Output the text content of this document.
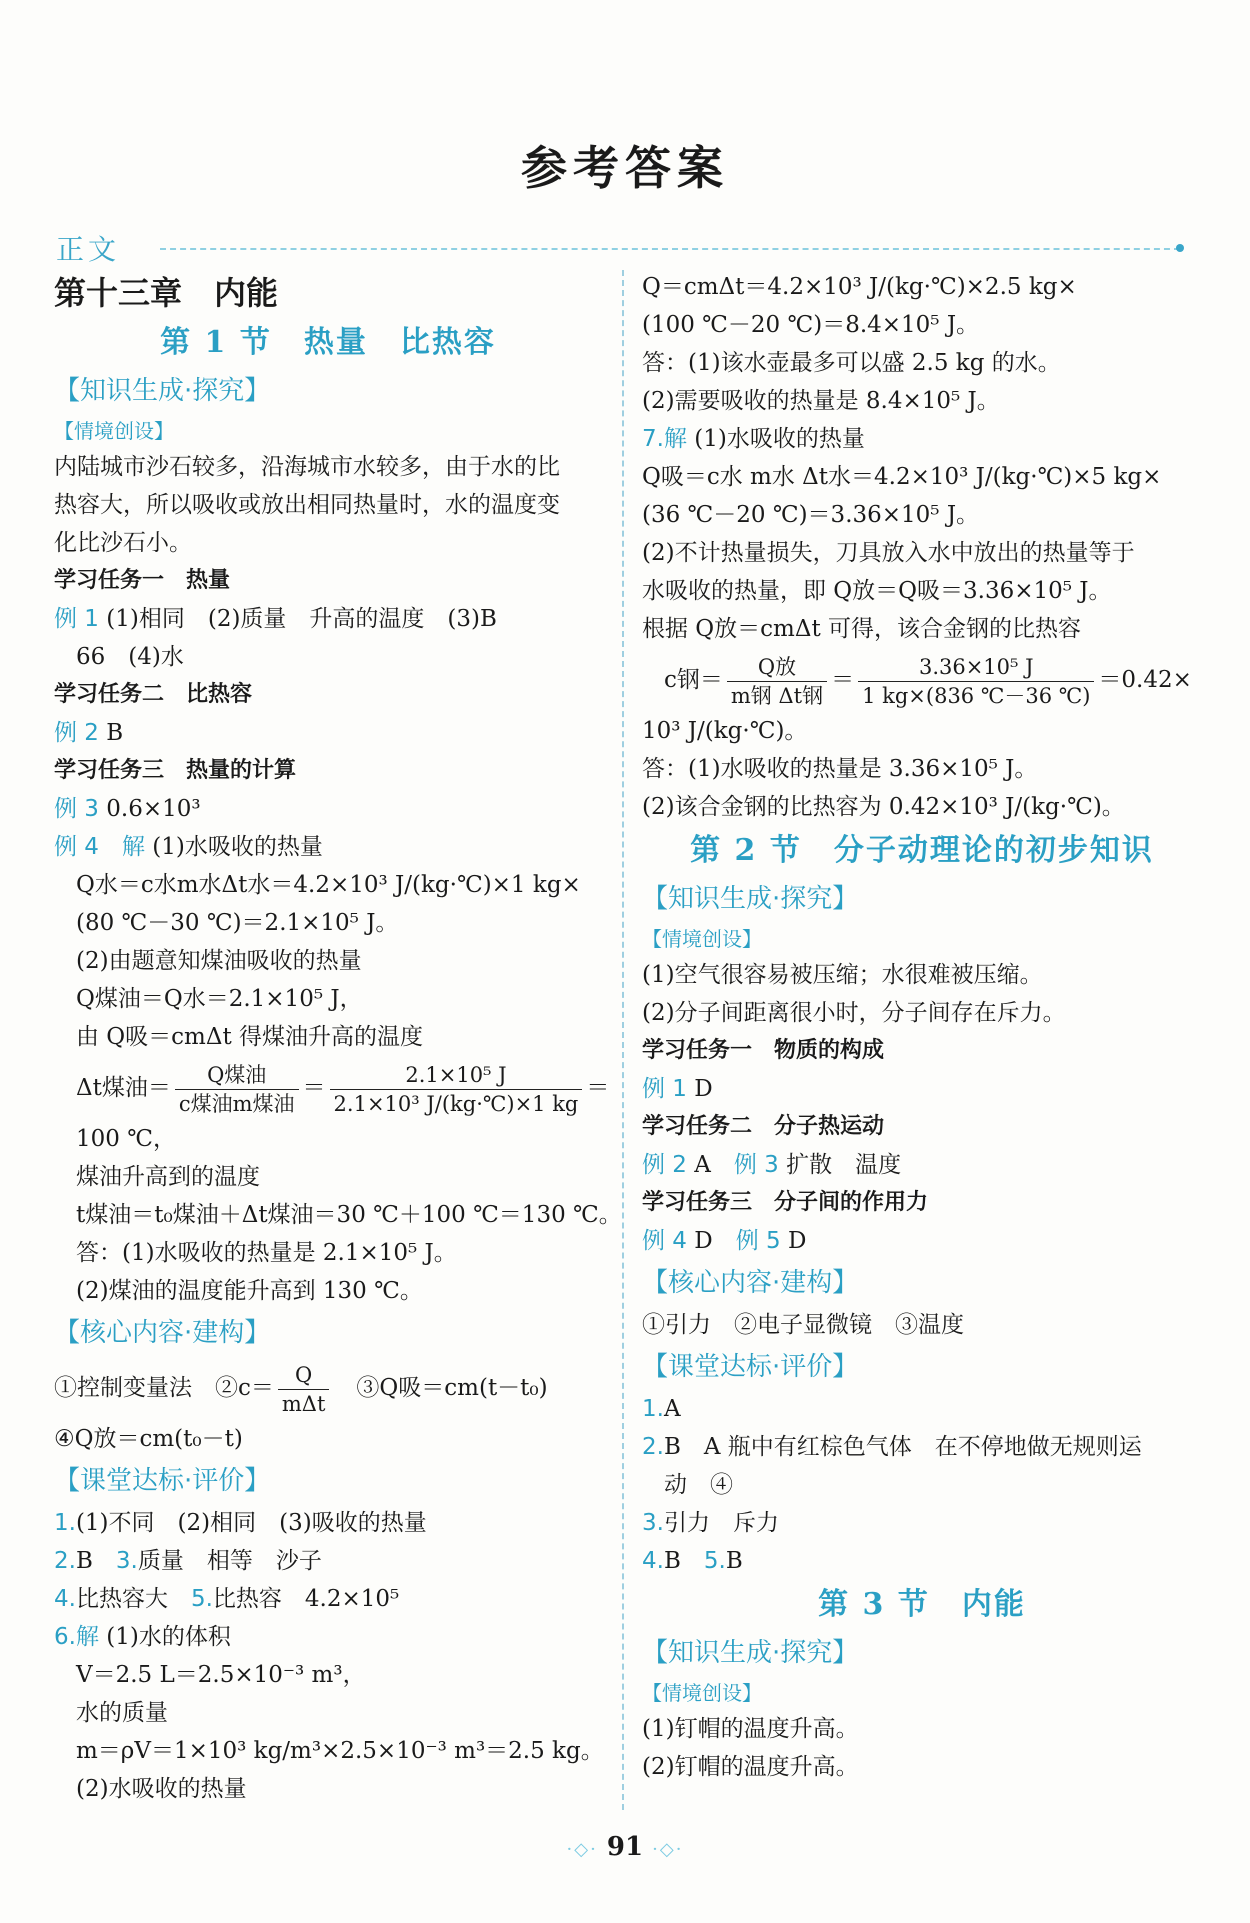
参考答案
正文
第十三章　内能
第 1 节　热量　比热容
【知识生成·探究】
【情境创设】
内陆城市沙石较多，沿海城市水较多，由于水的比
热容大，所以吸收或放出相同热量时，水的温度变
化比沙石小。
学习任务一　热量
例 1 (1)相同　(2)质量　升高的温度　(3)B
66　(4)水
学习任务二　比热容
例 2 B
学习任务三　热量的计算
例 3 0.6×10³
例 4　解 (1)水吸收的热量
Q水＝c水m水Δt水＝4.2×10³ J/(kg·℃)×1 kg×
(80 ℃－30 ℃)＝2.1×10⁵ J。
(2)由题意知煤油吸收的热量
Q煤油＝Q水＝2.1×10⁵ J，
由 Q吸＝cmΔt 得煤油升高的温度
Δt煤油＝ $\frac{\text{Q煤油}}{\text{c煤油m煤油}} = \frac{\text{2.1×10⁵ J}}{\text{2.1×10³ J/(kg·℃)×1 kg}}$ ＝
100 ℃，
煤油升高到的温度
t煤油＝t₀煤油＋Δt煤油＝30 ℃＋100 ℃＝130 ℃。
答：(1)水吸收的热量是 2.1×10⁵ J。
(2)煤油的温度能升高到 130 ℃。
【核心内容·建构】
①控制变量法　②c＝ $\frac{Q}{\text{mΔt}}$ 　③Q吸＝cm(t－t₀)
④Q放＝cm(t₀－t)
【课堂达标·评价】
1.(1)不同　(2)相同　(3)吸收的热量
2.B　3.质量　相等　沙子
4.比热容大　5.比热容　4.2×10⁵
6.解 (1)水的体积
V＝2.5 L＝2.5×10⁻³ m³，
水的质量
m＝ρV＝1×10³ kg/m³×2.5×10⁻³ m³＝2.5 kg。
(2)水吸收的热量
Q＝cmΔt＝4.2×10³ J/(kg·℃)×2.5 kg×
(100 ℃－20 ℃)＝8.4×10⁵ J。
答：(1)该水壶最多可以盛 2.5 kg 的水。
(2)需要吸收的热量是 8.4×10⁵ J。
7.解 (1)水吸收的热量
Q吸＝c水 m水 Δt水＝4.2×10³ J/(kg·℃)×5 kg×
(36 ℃－20 ℃)＝3.36×10⁵ J。
(2)不计热量损失，刀具放入水中放出的热量等于
水吸收的热量，即 Q放＝Q吸＝3.36×10⁵ J。
根据 Q放＝cmΔt 可得，该合金钢的比热容
c钢＝ $\frac{\text{Q放}}{\text{m钢 Δt钢}} = \frac{\text{3.36×10⁵ J}}{1 kg\times(836 ℃-36 ℃)} =0.42\times$
10³ J/(kg·℃)。
答：(1)水吸收的热量是 3.36×10⁵ J。
(2)该合金钢的比热容为 0.42×10³ J/(kg·℃)。
第 2 节　分子动理论的初步知识
【知识生成·探究】
【情境创设】
(1)空气很容易被压缩；水很难被压缩。
(2)分子间距离很小时，分子间存在斥力。
学习任务一　物质的构成
例 1 D
学习任务二　分子热运动
例 2 A　例 3 扩散　温度
学习任务三　分子间的作用力
例 4 D　例 5 D
【核心内容·建构】
①引力　②电子显微镜　③温度
【课堂达标·评价】
1.A
2.B　A 瓶中有红棕色气体　在不停地做无规则运
动　④
3.引力　斥力
4.B　5.B
第 3 节　内能
【知识生成·探究】
【情境创设】
(1)钉帽的温度升高。
(2)钉帽的温度升高。
·◇· 91 ·◇·
